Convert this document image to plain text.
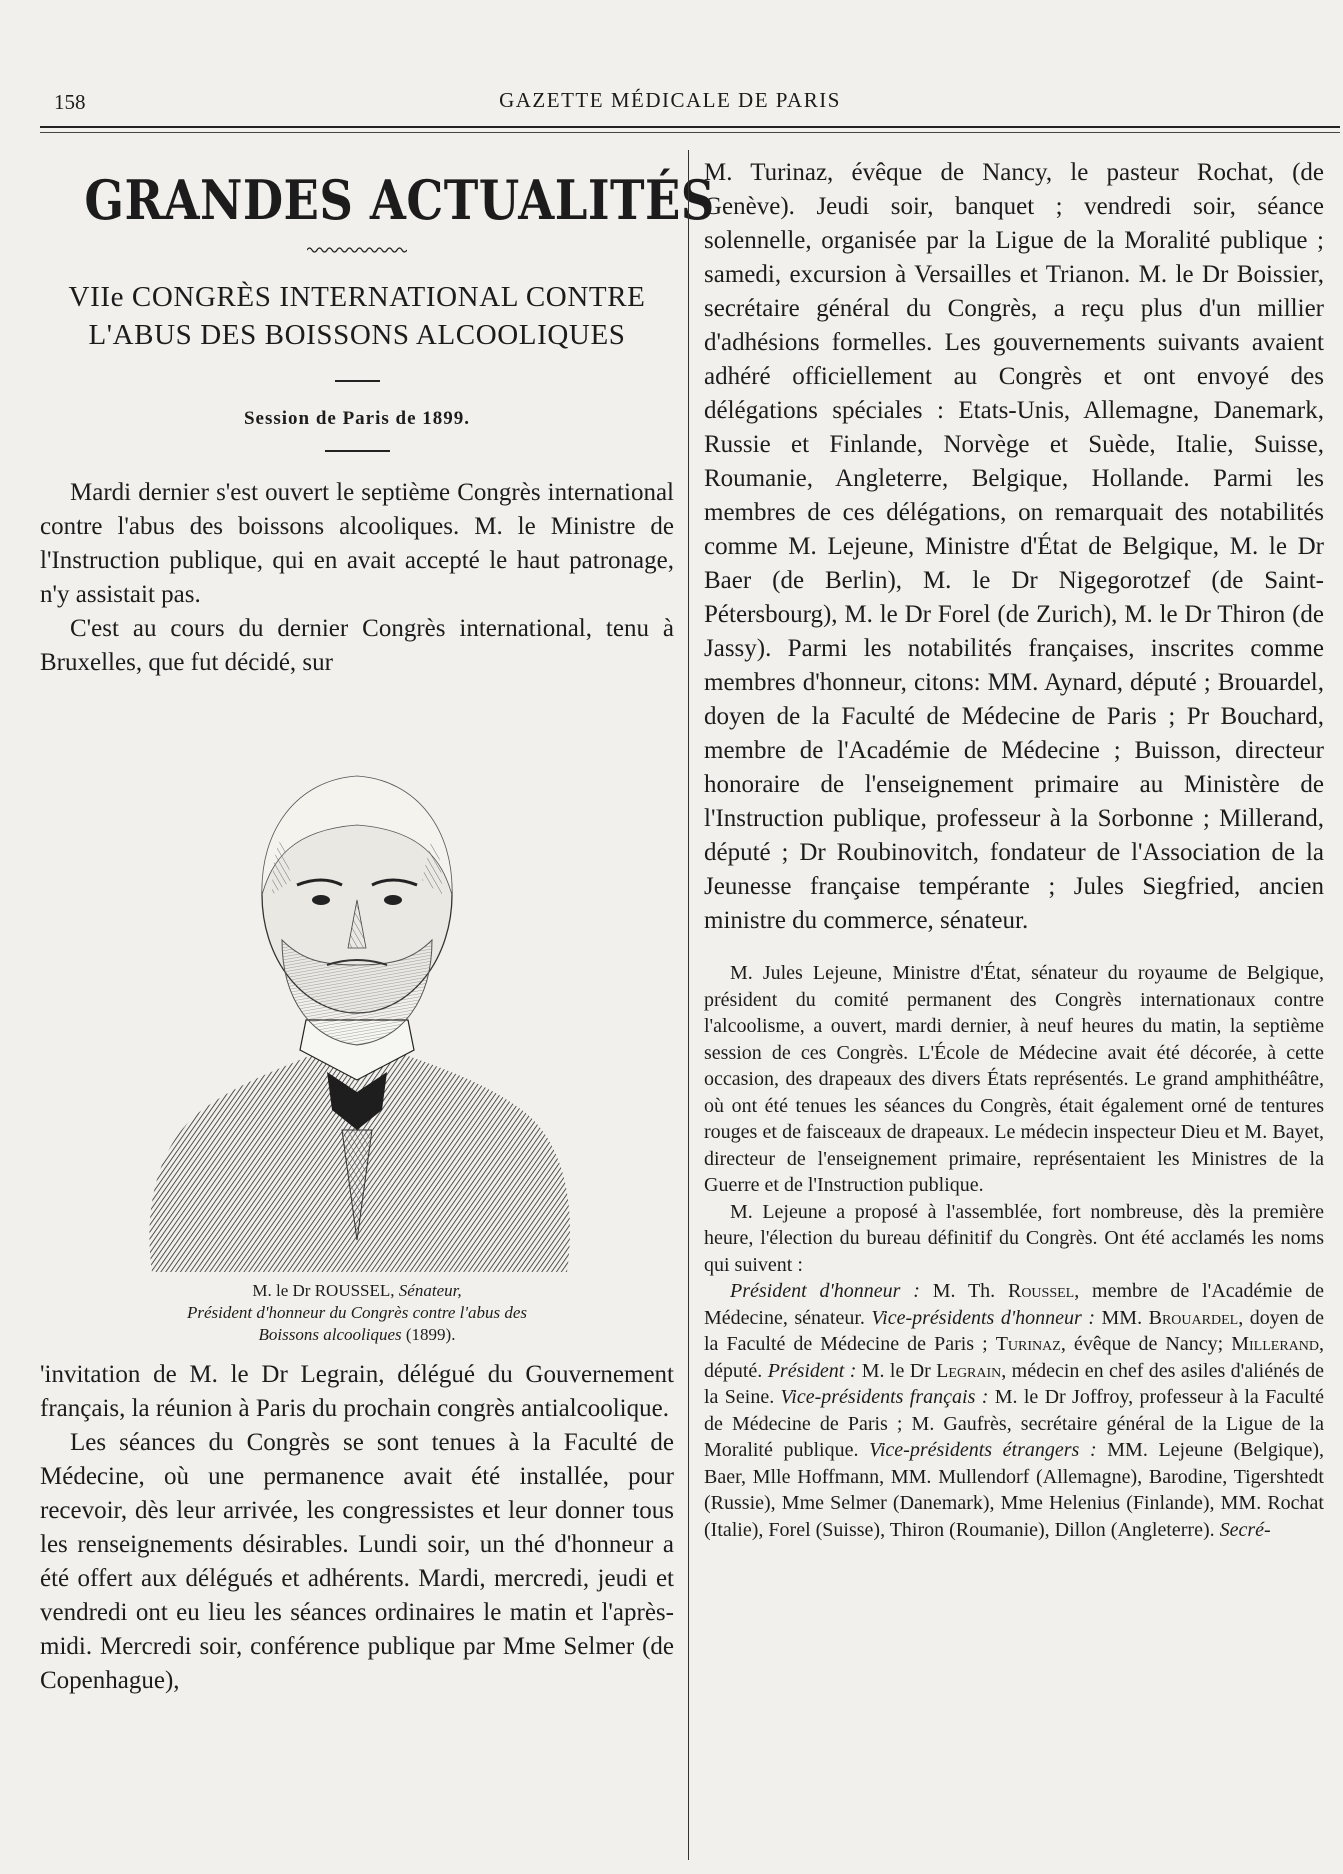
158	GAZETTE MÉDICALE DE PARIS
GRANDES ACTUALITÉS
VIIe CONGRÈS INTERNATIONAL CONTRE
L'ABUS DES BOISSONS ALCOOLIQUES
Session de Paris de 1899.

Mardi dernier s'est ouvert le septième Congrès international contre l'abus des boissons alcooliques. M. le Ministre de l'Instruction publique, qui en avait accepté le haut patronage, n'y assistait pas.

C'est au cours du dernier Congrès international, tenu à Bruxelles, que fut décidé, sur

M. le Dr ROUSSEL, Sénateur,
Président d'honneur du Congrès contre l'abus des
Boissons alcooliques (1899).

'invitation de M. le Dr Legrain, délégué du Gouvernement français, la réunion à Paris du prochain congrès antialcoolique.

Les séances du Congrès se sont tenues à la Faculté de Médecine, où une permanence avait été installée, pour recevoir, dès leur arrivée, les congressistes et leur donner tous les renseignements désirables. Lundi soir, un thé d'honneur a été offert aux délégués et adhérents. Mardi, mercredi, jeudi et vendredi ont eu lieu les séances ordinaires le matin et l'après-midi. Mercredi soir, conférence publique par Mme Selmer (de Copenhague),

M. Turinaz, évêque de Nancy, le pasteur Rochat, (de Genève). Jeudi soir, banquet ; vendredi soir, séance solennelle, organisée par la Ligue de la Moralité publique ; samedi, excursion à Versailles et Trianon. M. le Dr Boissier, secrétaire général du Congrès, a reçu plus d'un millier d'adhésions formelles. Les gouvernements suivants avaient adhéré officiellement au Congrès et ont envoyé des délégations spéciales : Etats-Unis, Allemagne, Danemark, Russie et Finlande, Norvège et Suède, Italie, Suisse, Roumanie, Angleterre, Belgique, Hollande. Parmi les membres de ces délégations, on remarquait des notabilités comme M. Lejeune, Ministre d'État de Belgique, M. le Dr Baer (de Berlin), M. le Dr Nigegorotzef (de Saint-Pétersbourg), M. le Dr Forel (de Zurich), M. le Dr Thiron (de Jassy). Parmi les notabilités françaises, inscrites comme membres d'honneur, citons: MM. Aynard, député ; Brouardel, doyen de la Faculté de Médecine de Paris ; Pr Bouchard, membre de l'Académie de Médecine ; Buisson, directeur honoraire de l'enseignement primaire au Ministère de l'Instruction publique, professeur à la Sorbonne ; Millerand, député ; Dr Roubinovitch, fondateur de l'Association de la Jeunesse française tempérante ; Jules Siegfried, ancien ministre du commerce, sénateur.

M. Jules Lejeune, Ministre d'État, sénateur du royaume de Belgique, président du comité permanent des Congrès internationaux contre l'alcoolisme, a ouvert, mardi dernier, à neuf heures du matin, la septième session de ces Congrès. L'École de Médecine avait été décorée, à cette occasion, des drapeaux des divers États représentés. Le grand amphithéâtre, où ont été tenues les séances du Congrès, était également orné de tentures rouges et de faisceaux de drapeaux. Le médecin inspecteur Dieu et M. Bayet, directeur de l'enseignement primaire, représentaient les Ministres de la Guerre et de l'Instruction publique.

M. Lejeune a proposé à l'assemblée, fort nombreuse, dès la première heure, l'élection du bureau définitif du Congrès. Ont été acclamés les noms qui suivent :

Président d'honneur : M. Th. Roussel, membre de l'Académie de Médecine, sénateur. Vice-présidents d'honneur : MM. Brouardel, doyen de la Faculté de Médecine de Paris ; Turinaz, évêque de Nancy; Millerand, député. Président : M. le Dr Legrain, médecin en chef des asiles d'aliénés de la Seine. Vice-présidents français : M. le Dr Joffroy, professeur à la Faculté de Médecine de Paris ; M. Gaufrès, secrétaire général de la Ligue de la Moralité publique. Vice-présidents étrangers : MM. Lejeune (Belgique), Baer, Mlle Hoffmann, MM. Mullendorf (Allemagne), Barodine, Tigershtedt (Russie), Mme Selmer (Danemark), Mme Helenius (Finlande), MM. Rochat (Italie), Forel (Suisse), Thiron (Roumanie), Dillon (Angleterre). Secré-
